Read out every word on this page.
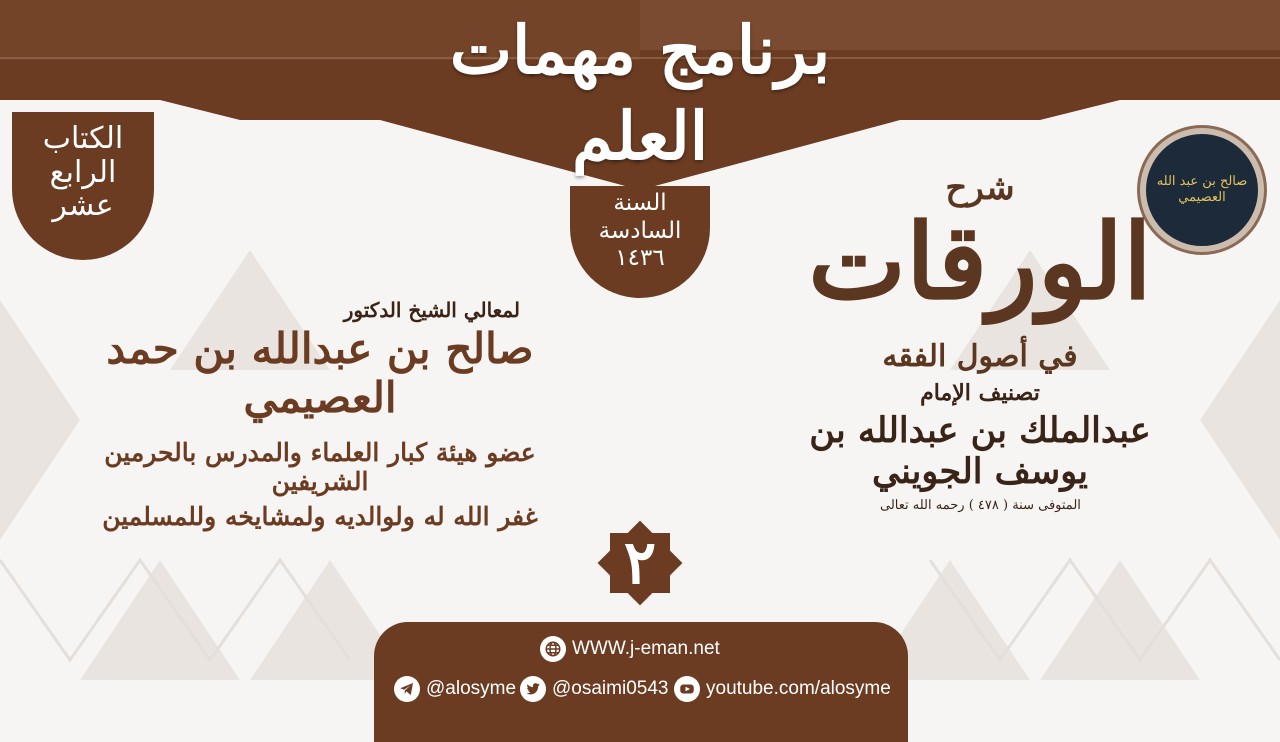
برنامج مهمات العلم
الكتاب
الرابع
عشر	السنة
السادسة
١٤٣٦
صالح بن عبد الله العصيمي
شرح
الورقات
في أصول الفقه
تصنيف الإمام
عبدالملك بن عبدالله بن يوسف الجويني
المتوفى سنة ( ٤٧٨ ) رحمه الله تعالى
لمعالي الشيخ الدكتور
صالح بن عبدالله بن حمد العصيمي
عضو هيئة كبار العلماء والمدرس بالحرمين الشريفين
غفر الله له ولوالديه ولمشايخه وللمسلمين
٢
WWW.j-eman.net
@alosyme @osaimi0543 youtube.com/alosyme
